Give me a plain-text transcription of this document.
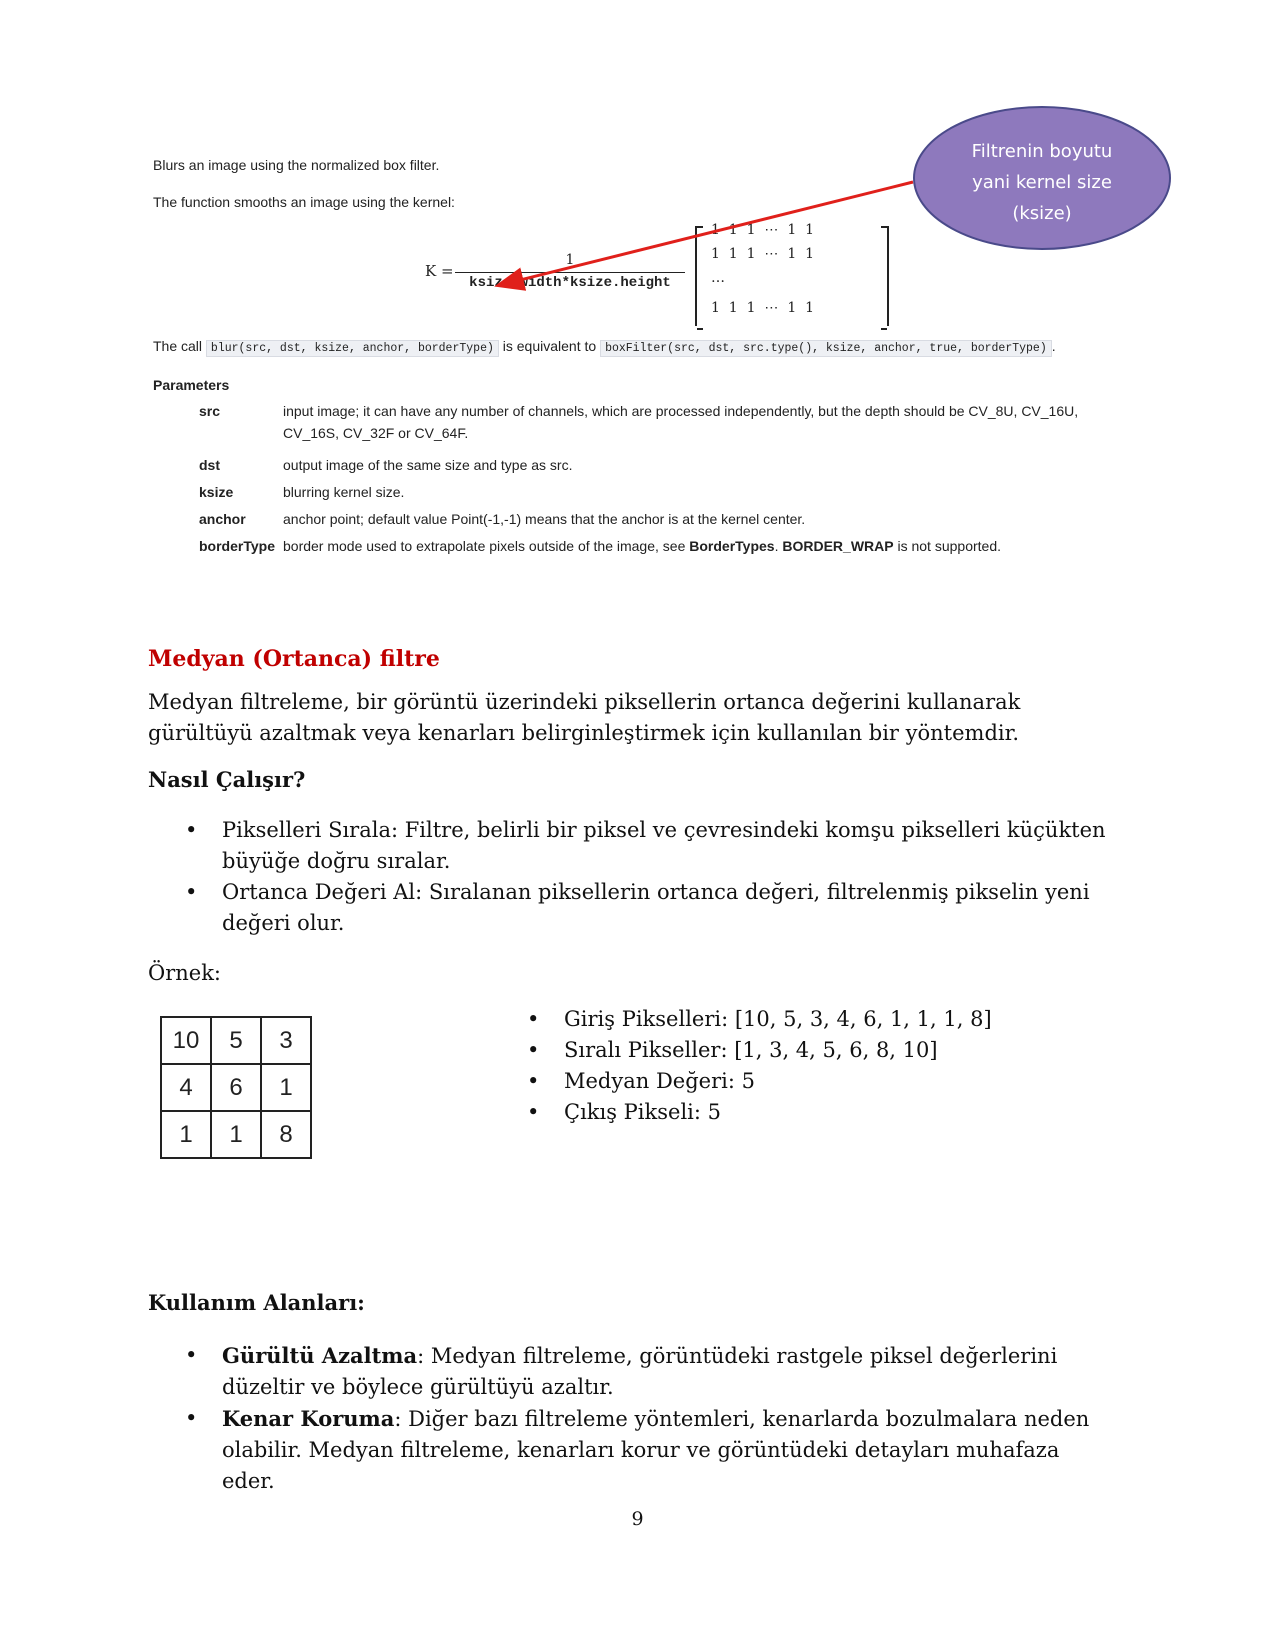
Blurs an image using the normalized box filter.
The function smooths an image using the kernel:
K =
1
ksize.width*ksize.height
1  1  1  ⋯  1  1
1  1  1  ⋯  1  1
…
1  1  1  ⋯  1  1
The call blur(src, dst, ksize, anchor, borderType) is equivalent to boxFilter(src, dst, src.type(), ksize, anchor, true, borderType) .
Parameters
src	input image; it can have any number of channels, which are processed independently, but the depth should be CV_8U, CV_16U,
CV_16S, CV_32F or CV_64F.
dst	output image of the same size and type as src.
ksize	blurring kernel size.
anchor	anchor point; default value Point(-1,-1) means that the anchor is at the kernel center.
borderType border mode used to extrapolate pixels outside of the image, see BorderTypes. BORDER_WRAP is not supported.
Filtrenin boyutu
yani kernel size
(ksize)
Medyan (Ortanca) filtre
Medyan filtreleme, bir görüntü üzerindeki piksellerin ortanca değerini kullanarak
gürültüyü azaltmak veya kenarları belirginleştirmek için kullanılan bir yöntemdir.
Nasıl Çalışır?
• Pikselleri Sırala: Filtre, belirli bir piksel ve çevresindeki komşu pikselleri küçükten
büyüğe doğru sıralar.
• Ortanca Değeri Al: Sıralanan piksellerin ortanca değeri, filtrelenmiş pikselin yeni
değeri olur.
Örnek:
10	5	3
4	6	1
1	1	8
• Giriş Pikselleri: [10, 5, 3, 4, 6, 1, 1, 1, 8]
• Sıralı Pikseller: [1, 3, 4, 5, 6, 8, 10]
• Medyan Değeri: 5
• Çıkış Pikseli: 5
Kullanım Alanları:
• Gürültü Azaltma: Medyan filtreleme, görüntüdeki rastgele piksel değerlerini
düzeltir ve böylece gürültüyü azaltır.
• Kenar Koruma: Diğer bazı filtreleme yöntemleri, kenarlarda bozulmalara neden
olabilir. Medyan filtreleme, kenarları korur ve görüntüdeki detayları muhafaza eder.
9
